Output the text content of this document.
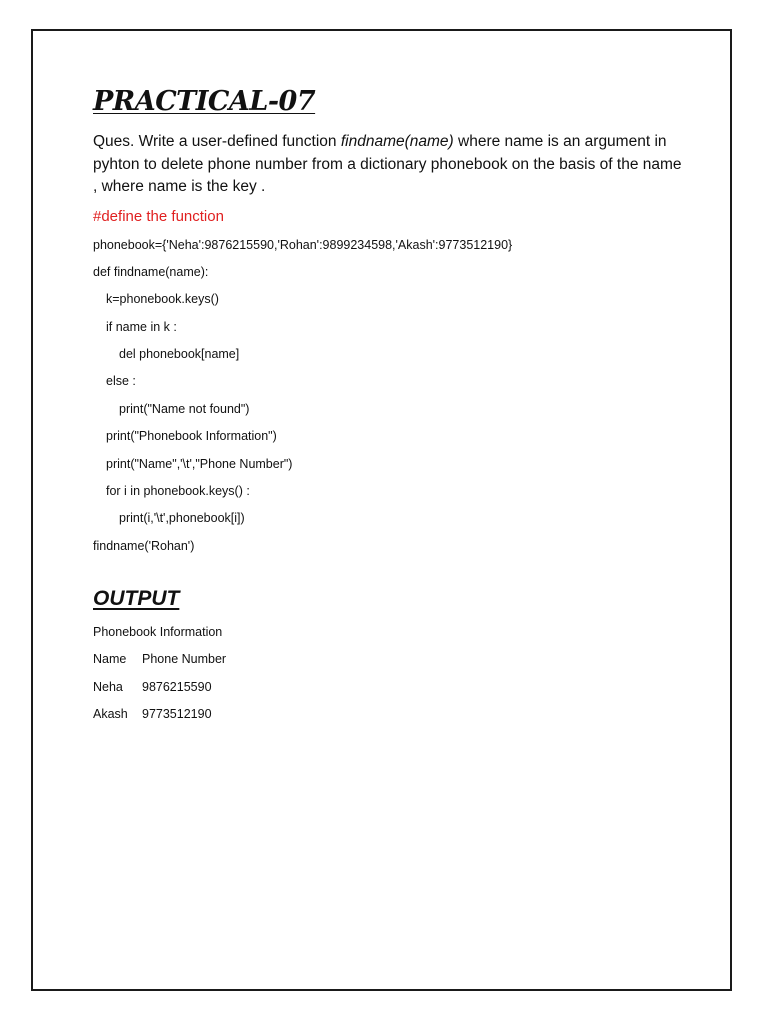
PRACTICAL-07

Ques. Write a user-defined function findname(name) where name is an argument in pyhton to delete phone number from a dictionary phonebook on the basis of the name , where name is the key .

#define the function
phonebook={'Neha':9876215590,'Rohan':9899234598,'Akash':9773512190}
def findname(name):
k=phonebook.keys()
if name in k :
del phonebook[name]
else :
print("Name not found")
print("Phonebook Information")
print("Name",'\t',"Phone Number")
for i in phonebook.keys() :
print(i,'\t',phonebook[i])
findname('Rohan')
OUTPUT
Phonebook Information
Name	Phone Number
Neha	9876215590
Akash	9773512190
